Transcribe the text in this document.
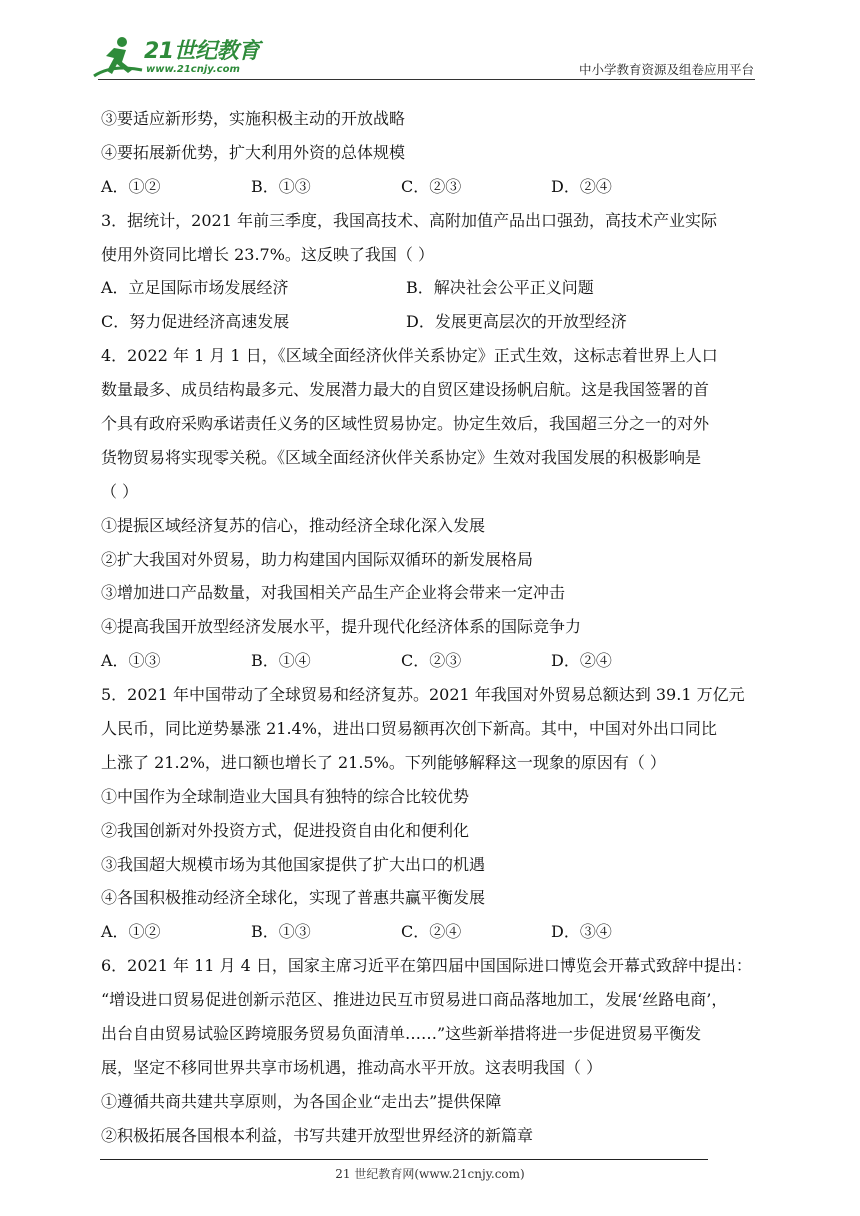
21世纪教育
www.21cnjy.com	中小学教育资源及组卷应用平台
③要适应新形势，实施积极主动的开放战略
④要拓展新优势，扩大利用外资的总体规模
A．①②	B．①③	C．②③	D．②④
3．据统计，2021 年前三季度，我国高技术、高附加值产品出口强劲，高技术产业实际
使用外资同比增长 23.7%。这反映了我国（ ）
A．立足国际市场发展经济	B．解决社会公平正义问题
C．努力促进经济高速发展	D．发展更高层次的开放型经济
4．2022 年 1 月 1 日，《区域全面经济伙伴关系协定》正式生效，这标志着世界上人口
数量最多、成员结构最多元、发展潜力最大的自贸区建设扬帆启航。这是我国签署的首
个具有政府采购承诺责任义务的区域性贸易协定。协定生效后，我国超三分之一的对外
货物贸易将实现零关税。《区域全面经济伙伴关系协定》生效对我国发展的积极影响是
（ ）
①提振区域经济复苏的信心，推动经济全球化深入发展
②扩大我国对外贸易，助力构建国内国际双循环的新发展格局
③增加进口产品数量，对我国相关产品生产企业将会带来一定冲击
④提高我国开放型经济发展水平，提升现代化经济体系的国际竞争力
A．①③	B．①④	C．②③	D．②④
5．2021 年中国带动了全球贸易和经济复苏。2021 年我国对外贸易总额达到 39.1 万亿元
人民币，同比逆势暴涨 21.4%，进出口贸易额再次创下新高。其中，中国对外出口同比
上涨了 21.2%，进口额也增长了 21.5%。下列能够解释这一现象的原因有（ ）
①中国作为全球制造业大国具有独特的综合比较优势
②我国创新对外投资方式，促进投资自由化和便利化
③我国超大规模市场为其他国家提供了扩大出口的机遇
④各国积极推动经济全球化，实现了普惠共赢平衡发展
A．①②	B．①③	C．②④	D．③④
6．2021 年 11 月 4 日，国家主席习近平在第四届中国国际进口博览会开幕式致辞中提出：
“增设进口贸易促进创新示范区、推进边民互市贸易进口商品落地加工，发展‘丝路电商’，
出台自由贸易试验区跨境服务贸易负面清单……”这些新举措将进一步促进贸易平衡发
展，坚定不移同世界共享市场机遇，推动高水平开放。这表明我国（ ）
①遵循共商共建共享原则，为各国企业“走出去”提供保障
②积极拓展各国根本利益，书写共建开放型世界经济的新篇章
21 世纪教育网(www.21cnjy.com)
